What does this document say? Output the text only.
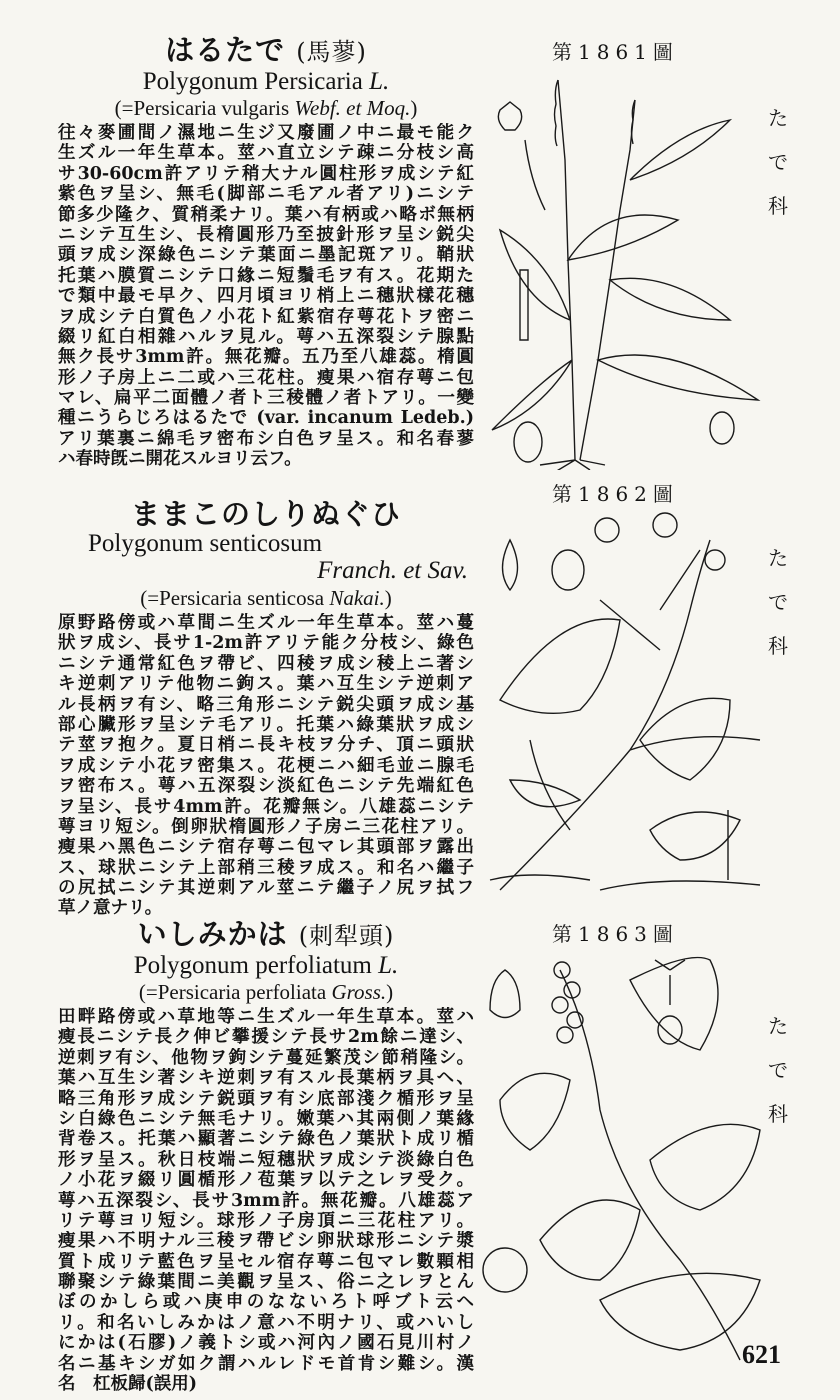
はるたで (馬蓼)
Polygonum Persicaria L.
(=Persicaria vulgaris Webf. et Moq.)
往々麥圃間ノ濕地ニ生ジ又廢圃ノ中ニ最モ能ク
生ズル一年生草本。莖ハ直立シテ疎ニ分枝シ高
サ30-60cm許アリテ稍大ナル圓柱形ヲ成シテ紅
紫色ヲ呈シ、無毛(脚部ニ毛アル者アリ)ニシテ
節多少隆ク、質稍柔ナリ。葉ハ有柄或ハ略ボ無柄
ニシテ互生シ、長楕圓形乃至披針形ヲ呈シ鋭尖
頭ヲ成シ深綠色ニシテ葉面ニ墨記斑アリ。鞘狀
托葉ハ膜質ニシテ口緣ニ短鬚毛ヲ有ス。花期た
で類中最モ早ク、四月頃ヨリ梢上ニ穗狀樣花穗
ヲ成シテ白質色ノ小花ト紅紫宿存萼花トヲ密ニ
綴リ紅白相雜ハルヲ見ル。萼ハ五深裂シテ腺點
無ク長サ3mm許。無花瓣。五乃至八雄蕊。楕圓
形ノ子房上ニ二或ハ三花柱。瘦果ハ宿存萼ニ包
マレ、扁平二面體ノ者ト三稜體ノ者トアリ。一變
種ニうらじろはるたで (var. incanum Ledeb.)
アリ葉裏ニ綿毛ヲ密布シ白色ヲ呈ス。和名春蓼
ハ春時旣ニ開花スルヨリ云フ。
ままこのしりぬぐひ
Polygonum senticosum
Franch. et Sav.
(=Persicaria senticosa Nakai.)
原野路傍或ハ草間ニ生ズル一年生草本。莖ハ蔓
狀ヲ成シ、長サ1-2m許アリテ能ク分枝シ、綠色
ニシテ通常紅色ヲ帶ビ、四稜ヲ成シ稜上ニ著シ
キ逆刺アリテ他物ニ鉤ス。葉ハ互生シテ逆刺ア
ル長柄ヲ有シ、略三角形ニシテ鋭尖頭ヲ成シ基
部心臟形ヲ呈シテ毛アリ。托葉ハ綠葉狀ヲ成シ
テ莖ヲ抱ク。夏日梢ニ長キ枝ヲ分チ、頂ニ頭狀
ヲ成シテ小花ヲ密集ス。花梗ニハ細毛並ニ腺毛
ヲ密布ス。萼ハ五深裂シ淡紅色ニシテ先端紅色
ヲ呈シ、長サ4mm許。花瓣無シ。八雄蕊ニシテ
萼ヨリ短シ。倒卵狀楕圓形ノ子房ニ三花柱アリ。
瘦果ハ黑色ニシテ宿存萼ニ包マレ其頭部ヲ露出
ス、球狀ニシテ上部稍三稜ヲ成ス。和名ハ繼子
の尻拭ニシテ其逆刺アル莖ニテ繼子ノ尻ヲ拭フ
草ノ意ナリ。
いしみかは (刺犁頭)
Polygonum perfoliatum L.
(=Persicaria perfoliata Gross.)
田畔路傍或ハ草地等ニ生ズル一年生草本。莖ハ
瘦長ニシテ長ク伸ビ攀援シテ長サ2m餘ニ達シ、
逆刺ヲ有シ、他物ヲ鉤シテ蔓延繁茂シ節稍隆シ。
葉ハ互生シ著シキ逆刺ヲ有スル長葉柄ヲ具ヘ、
略三角形ヲ成シテ鋭頭ヲ有シ底部淺ク楯形ヲ呈
シ白綠色ニシテ無毛ナリ。嫩葉ハ其兩側ノ葉緣
背卷ス。托葉ハ顯著ニシテ綠色ノ葉狀ト成リ楯
形ヲ呈ス。秋日枝端ニ短穗狀ヲ成シテ淡綠白色
ノ小花ヲ綴リ圓楯形ノ苞葉ヲ以テ之レヲ受ク。
萼ハ五深裂シ、長サ3mm許。無花瓣。八雄蕊ア
リテ萼ヨリ短シ。球形ノ子房頂ニ三花柱アリ。
瘦果ハ不明ナル三稜ヲ帶ビシ卵狀球形ニシテ漿
質ト成リテ藍色ヲ呈セル宿存萼ニ包マレ數顆相
聯聚シテ綠葉間ニ美觀ヲ呈ス、俗ニ之レヲとん
ぼのかしら或ハ庚申のなないろト呼ブト云ヘ
リ。和名いしみかはノ意ハ不明ナリ、或ハいし
にかは(石膠)ノ義トシ或ハ河內ノ國石見川村ノ
名ニ基キシガ如ク謂ハルレドモ首肯シ難シ。漢
名　杠板歸(誤用)
第1861圖
たで科
第1862圖
たで科
第1863圖
たで科
621
